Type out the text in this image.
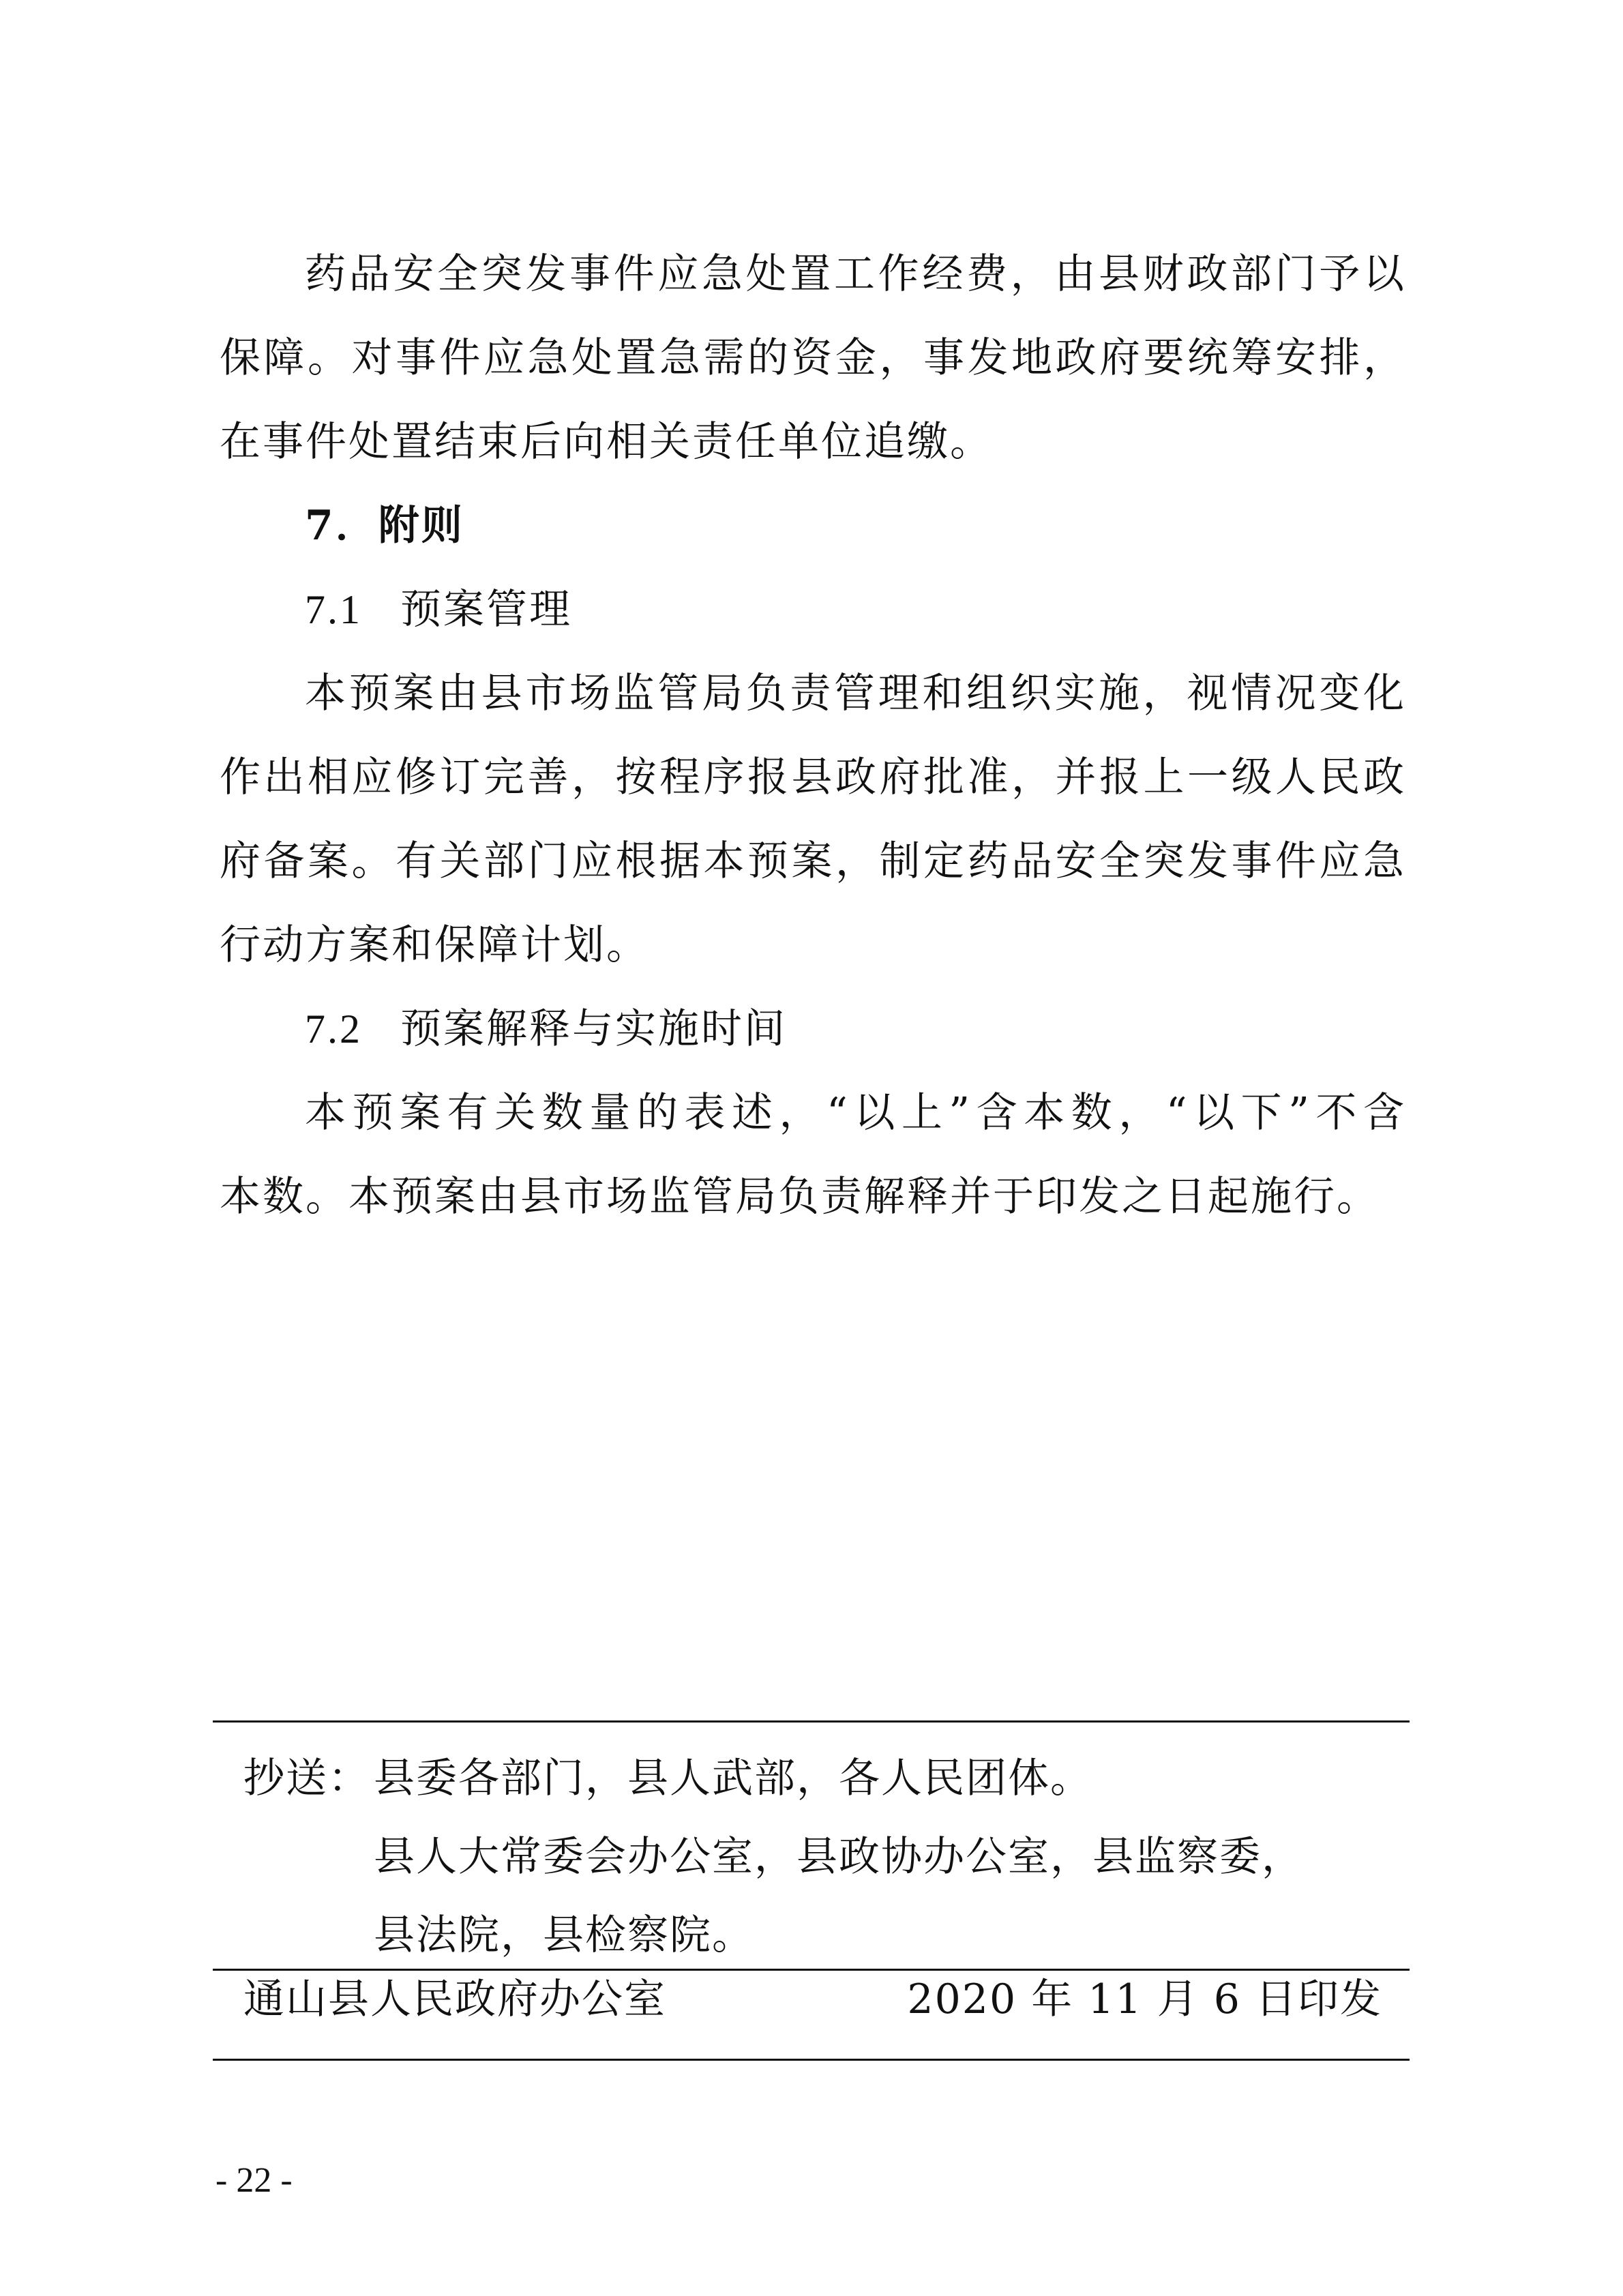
药品安全突发事件应急处置工作经费，由县财政部门予以
保障。对事件应急处置急需的资金，事发地政府要统筹安排，
在事件处置结束后向相关责任单位追缴。
7．附则
7.1 预案管理
本预案由县市场监管局负责管理和组织实施，视情况变化
作出相应修订完善，按程序报县政府批准，并报上一级人民政
府备案。有关部门应根据本预案，制定药品安全突发事件应急
行动方案和保障计划。
7.2 预案解释与实施时间
本预案有关数量的表述，“以上”含本数，“以下”不含
本数。本预案由县市场监管局负责解释并于印发之日起施行。
抄送： 县委各部门，县人武部，各人民团体。
县人大常委会办公室，县政协办公室，县监察委，
县法院，县检察院。
通山县人民政府办公室	2020 年 11 月 6 日印发
- 22 -
